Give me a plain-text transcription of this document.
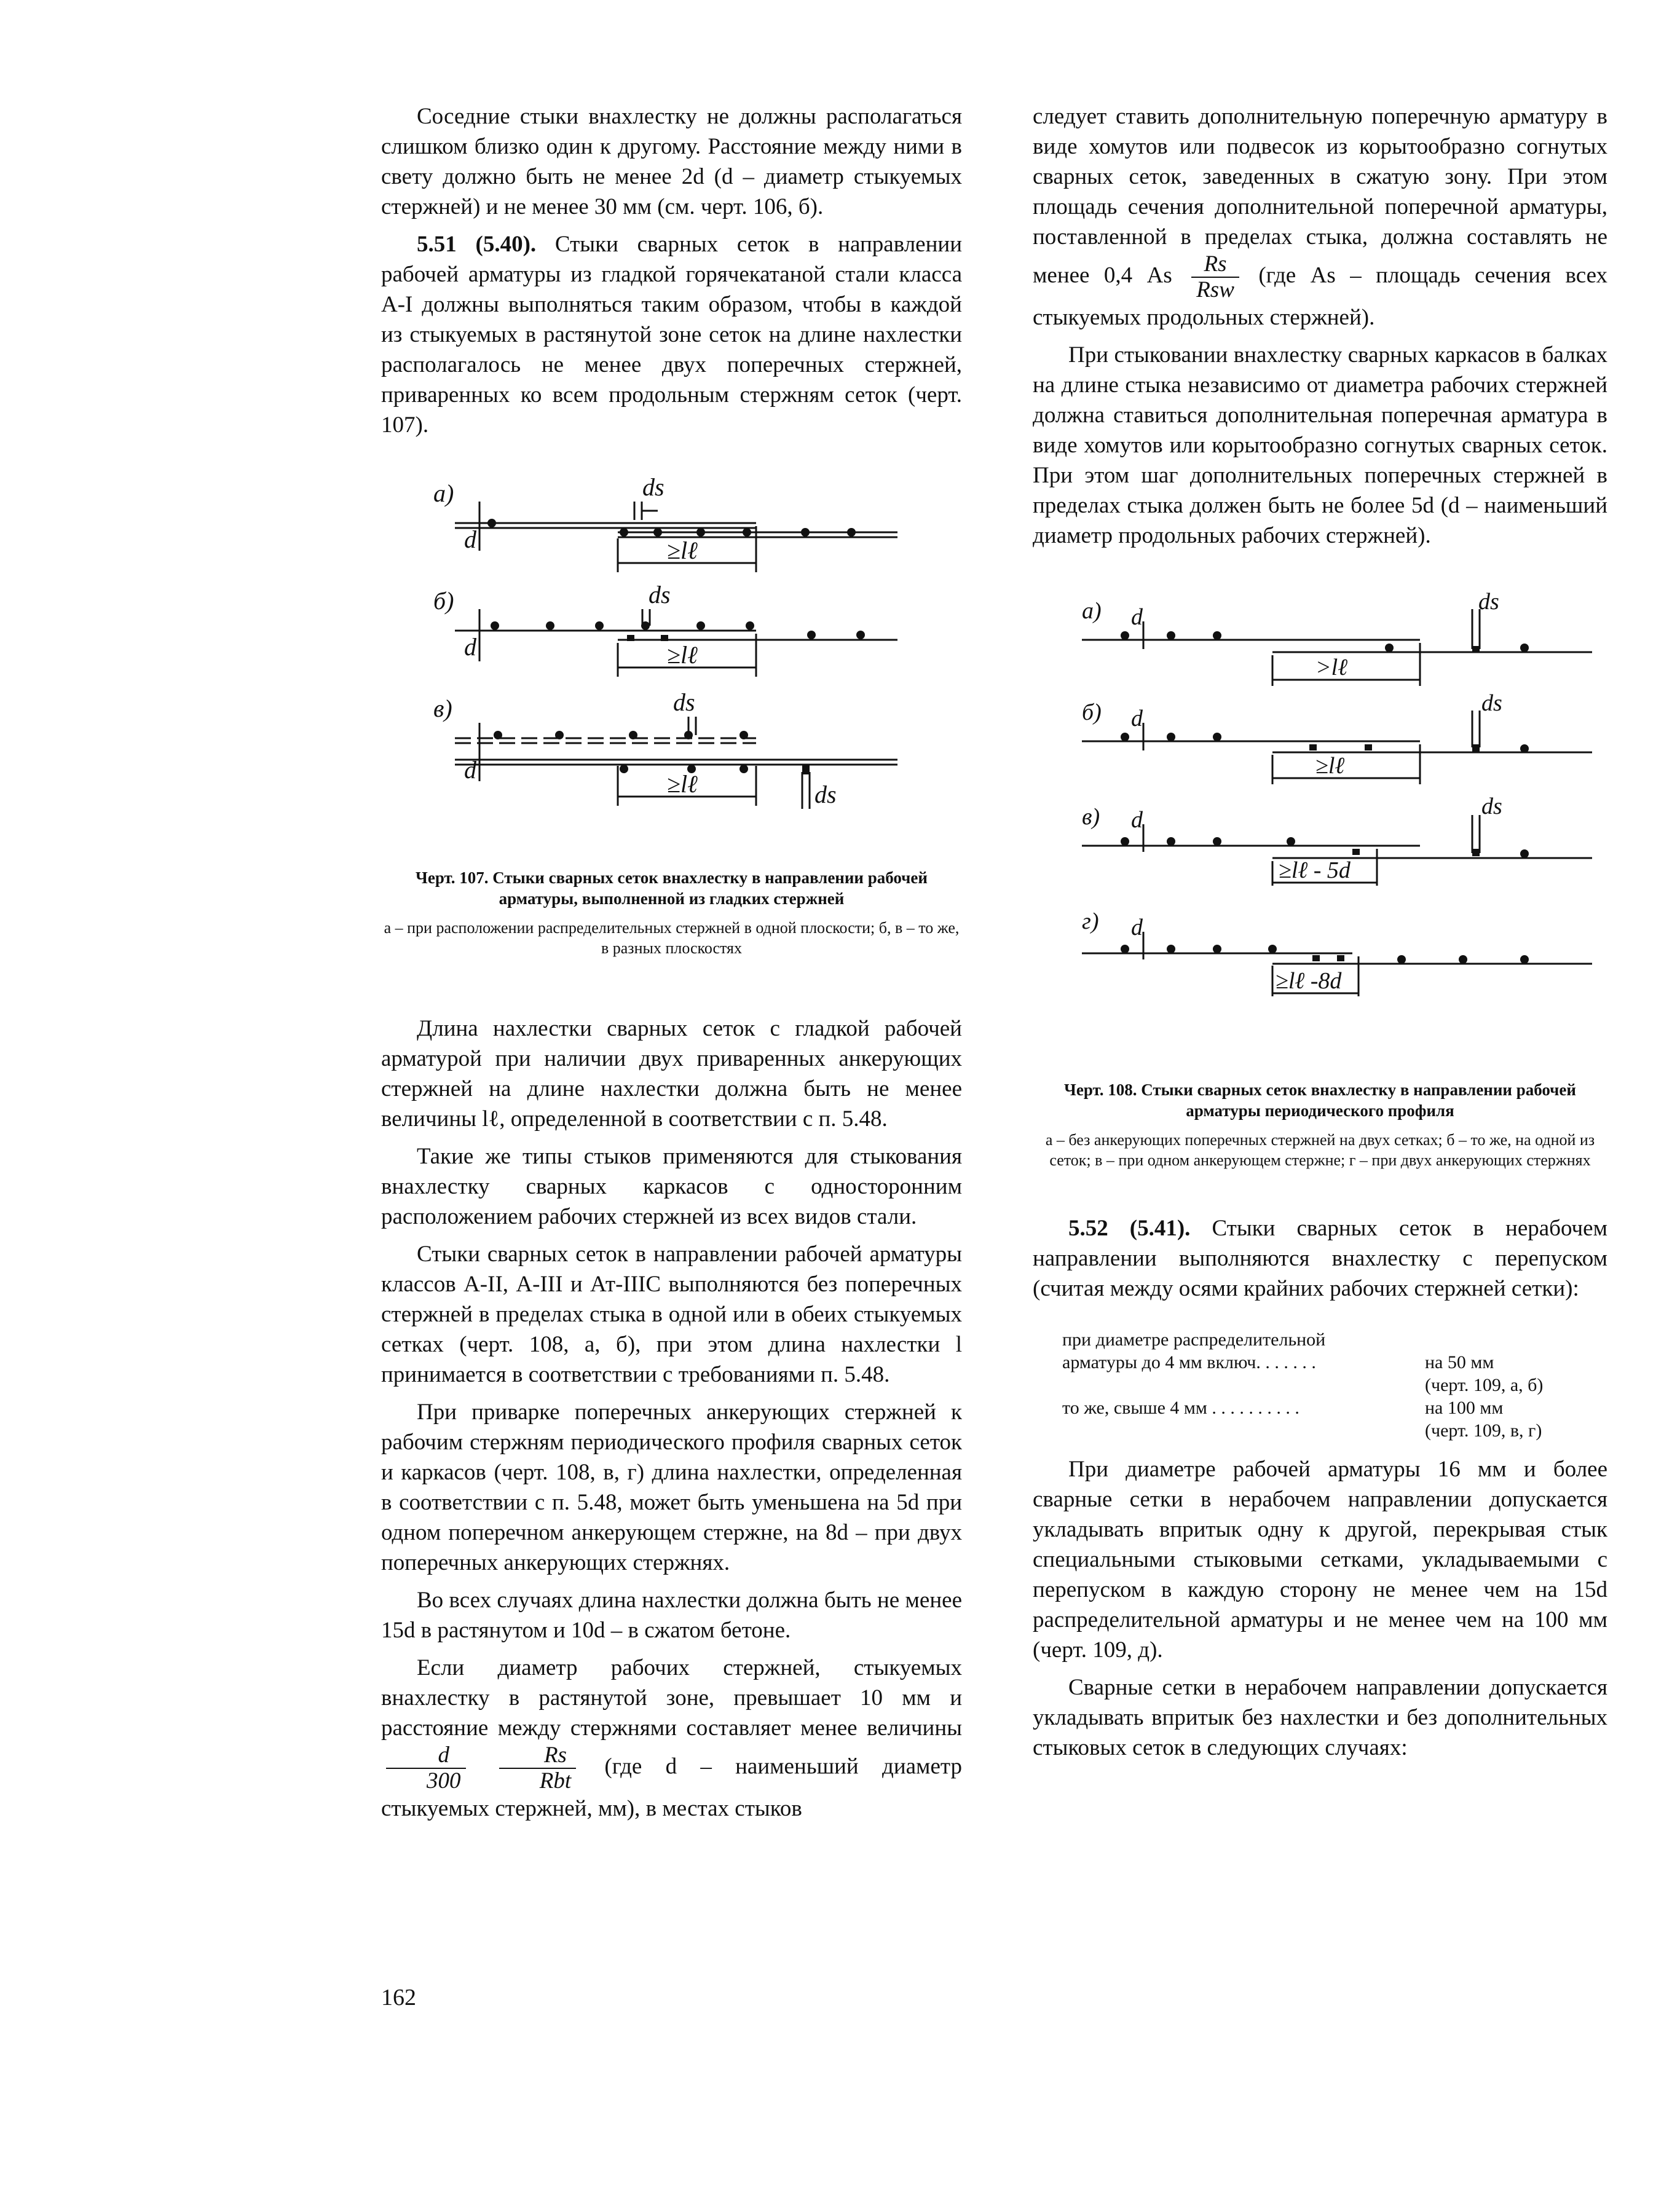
Соседние стыки внахлестку не должны располагаться слишком близко один к другому. Расстояние между ними в свету должно быть не менее 2d (d – диаметр стыкуемых стержней) и не менее 30 мм (см. черт. 106, б).

5.51 (5.40). Стыки сварных сеток в направлении рабочей арматуры из гладкой горячекатаной стали класса А-I должны выполняться таким образом, чтобы в каждой из стыкуемых в растянутой зоне сеток на длине нахлестки располагалось не менее двух поперечных стержней, приваренных ко всем продольным стержням сеток (черт. 107).

а)
б)
в)
ds
ds
ds
ds
d
d
d
≥lℓ
≥lℓ
≥lℓ
Черт. 107. Стыки сварных сеток внахлестку в направлении рабочей арматуры, выполненной из гладких стержней
а – при расположении распределительных стержней в одной плоскости; б, в – то же, в разных плоскостях

Длина нахлестки сварных сеток с гладкой рабочей арматурой при наличии двух приваренных анкерующих стержней на длине нахлестки должна быть не менее величины lℓ, определенной в соответствии с п. 5.48.

Такие же типы стыков применяются для стыкования внахлестку сварных каркасов с односторонним расположением рабочих стержней из всех видов стали.

Стыки сварных сеток в направлении рабочей арматуры классов А-II, А-III и Ат-IIIС выполняются без поперечных стержней в пределах стыка в одной или в обеих стыкуемых сетках (черт. 108, а, б), при этом длина нахлестки l принимается в соответствии с требованиями п. 5.48.

При приварке поперечных анкерующих стержней к рабочим стержням периодического профиля сварных сеток и каркасов (черт. 108, в, г) длина нахлестки, определенная в соответствии с п. 5.48, может быть уменьшена на 5d при одном поперечном анкерующем стержне, на 8d – при двух поперечных анкерующих стержнях.

Во всех случаях длина нахлестки должна быть не менее 15d в растянутом и 10d – в сжатом бетоне.

Если диаметр рабочих стержней, стыкуемых внахлестку в растянутой зоне, превышает 10 мм и расстояние между стержнями составляет менее величины
$\frac{d}{300}$
$\frac{Rs}{\text{Rbt}} (где$ d – наименьший диаметр стыкуемых стержней, мм), в местах стыков

следует ставить дополнительную поперечную арматуру в виде хомутов или подвесок из корытообразно согнутых сварных сеток, заведенных в сжатую зону. При этом площадь сечения дополнительной поперечной арматуры, поставленной в пределах стыка, должна составлять не менее 0,4 As $\frac{Rs}{\text{Rsw}} (где$ As – площадь сечения всех стыкуемых продольных стержней).

При стыковании внахлестку сварных каркасов в балках на длине стыка независимо от диаметра рабочих стержней должна ставиться дополнительная поперечная арматура в виде хомутов или корытообразно согнутых сварных сеток. При этом шаг дополнительных поперечных стержней в пределах стыка должен быть не более 5d (d – наименьший диаметр продольных рабочих стержней).

а)
б)
в)
г)
ds
ds
ds
d
d
d
d
>lℓ
≥lℓ
≥lℓ - 5d
≥lℓ -8d
Черт. 108. Стыки сварных сеток внахлестку в направлении рабочей арматуры периодического профиля
а – без анкерующих поперечных стержней на двух сетках; б – то же, на одной из сеток; в – при одном анкерующем стержне; г – при двух анкерующих стержнях

5.52 (5.41). Стыки сварных сеток в нерабочем направлении выполняются внахлестку с перепуском (считая между осями крайних рабочих стержней сетки):

при диаметре распределительной
арматуры до 4 мм включ. . . . . . .	на 50 мм
(черт. 109, а, б)
то же, свыше 4 мм . . . . . . . . . .	на 100 мм
(черт. 109, в, г)

При диаметре рабочей арматуры 16 мм и более сварные сетки в нерабочем направлении допускается укладывать впритык одну к другой, перекрывая стык специальными стыковыми сетками, укладываемыми с перепуском в каждую сторону не менее чем на 15d распределительной арматуры и не менее чем на 100 мм (черт. 109, д).

Сварные сетки в нерабочем направлении допускается укладывать впритык без нахлестки и без дополнительных стыковых сеток в следующих случаях:

162
